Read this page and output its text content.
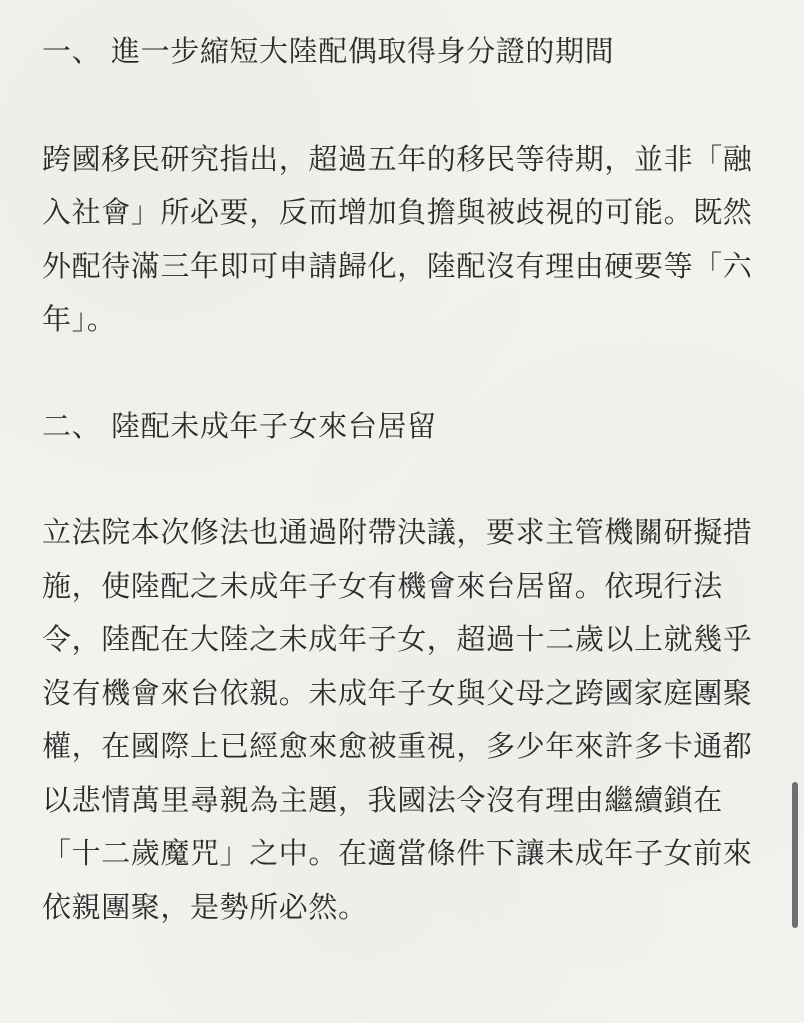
一、 進一步縮短大陸配偶取得身分證的期間

跨國移民研究指出，超過五年的移民等待期，並非「融入社會」所必要，反而增加負擔與被歧視的可能。既然外配待滿三年即可申請歸化，陸配沒有理由硬要等「六年」。

二、 陸配未成年子女來台居留

立法院本次修法也通過附帶決議，要求主管機關研擬措施，使陸配之未成年子女有機會來台居留。依現行法令，陸配在大陸之未成年子女，超過十二歲以上就幾乎沒有機會來台依親。未成年子女與父母之跨國家庭團聚權，在國際上已經愈來愈被重視，多少年來許多卡通都以悲情萬里尋親為主題，我國法令沒有理由繼續鎖在「十二歲魔咒」之中。在適當條件下讓未成年子女前來依親團聚，是勢所必然。
